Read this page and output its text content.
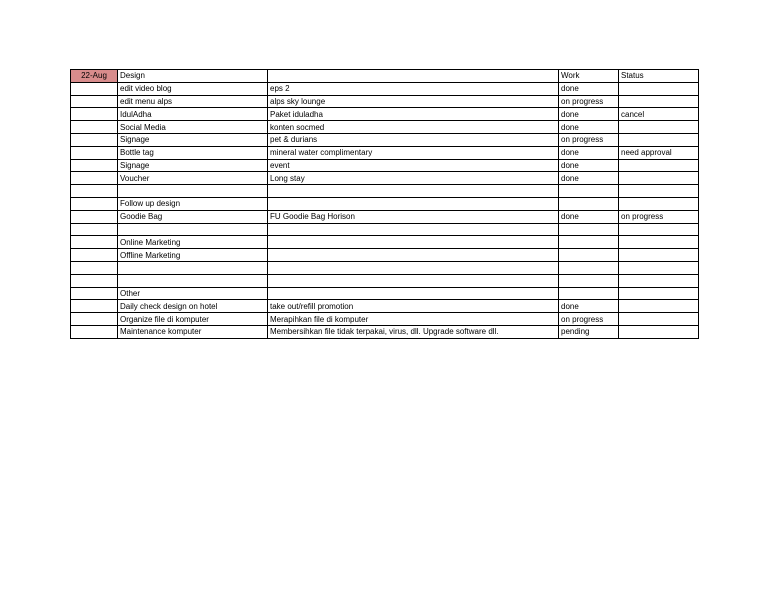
22-Aug	Design		Work	Status
	edit video blog	eps 2	done	
	edit menu alps	alps sky lounge	on progress	
	IdulAdha	Paket iduladha	done	cancel
	Social Media	konten socmed	done	
	Signage	pet & durians	on progress	
	Bottle tag	mineral water complimentary	done	need approval
	Signage	event	done	
	Voucher	Long stay	done	

	Follow up design			
	Goodie Bag	FU Goodie Bag Horison	done	on progress

	Online Marketing			
	Offline Marketing			

	Other			
	Daily check design on hotel	take out/refill promotion	done	
	Organize file di komputer	Merapihkan file di komputer	on progress	
	Maintenance komputer	Membersihkan file tidak terpakai, virus, dll. Upgrade software dll.	pending	
